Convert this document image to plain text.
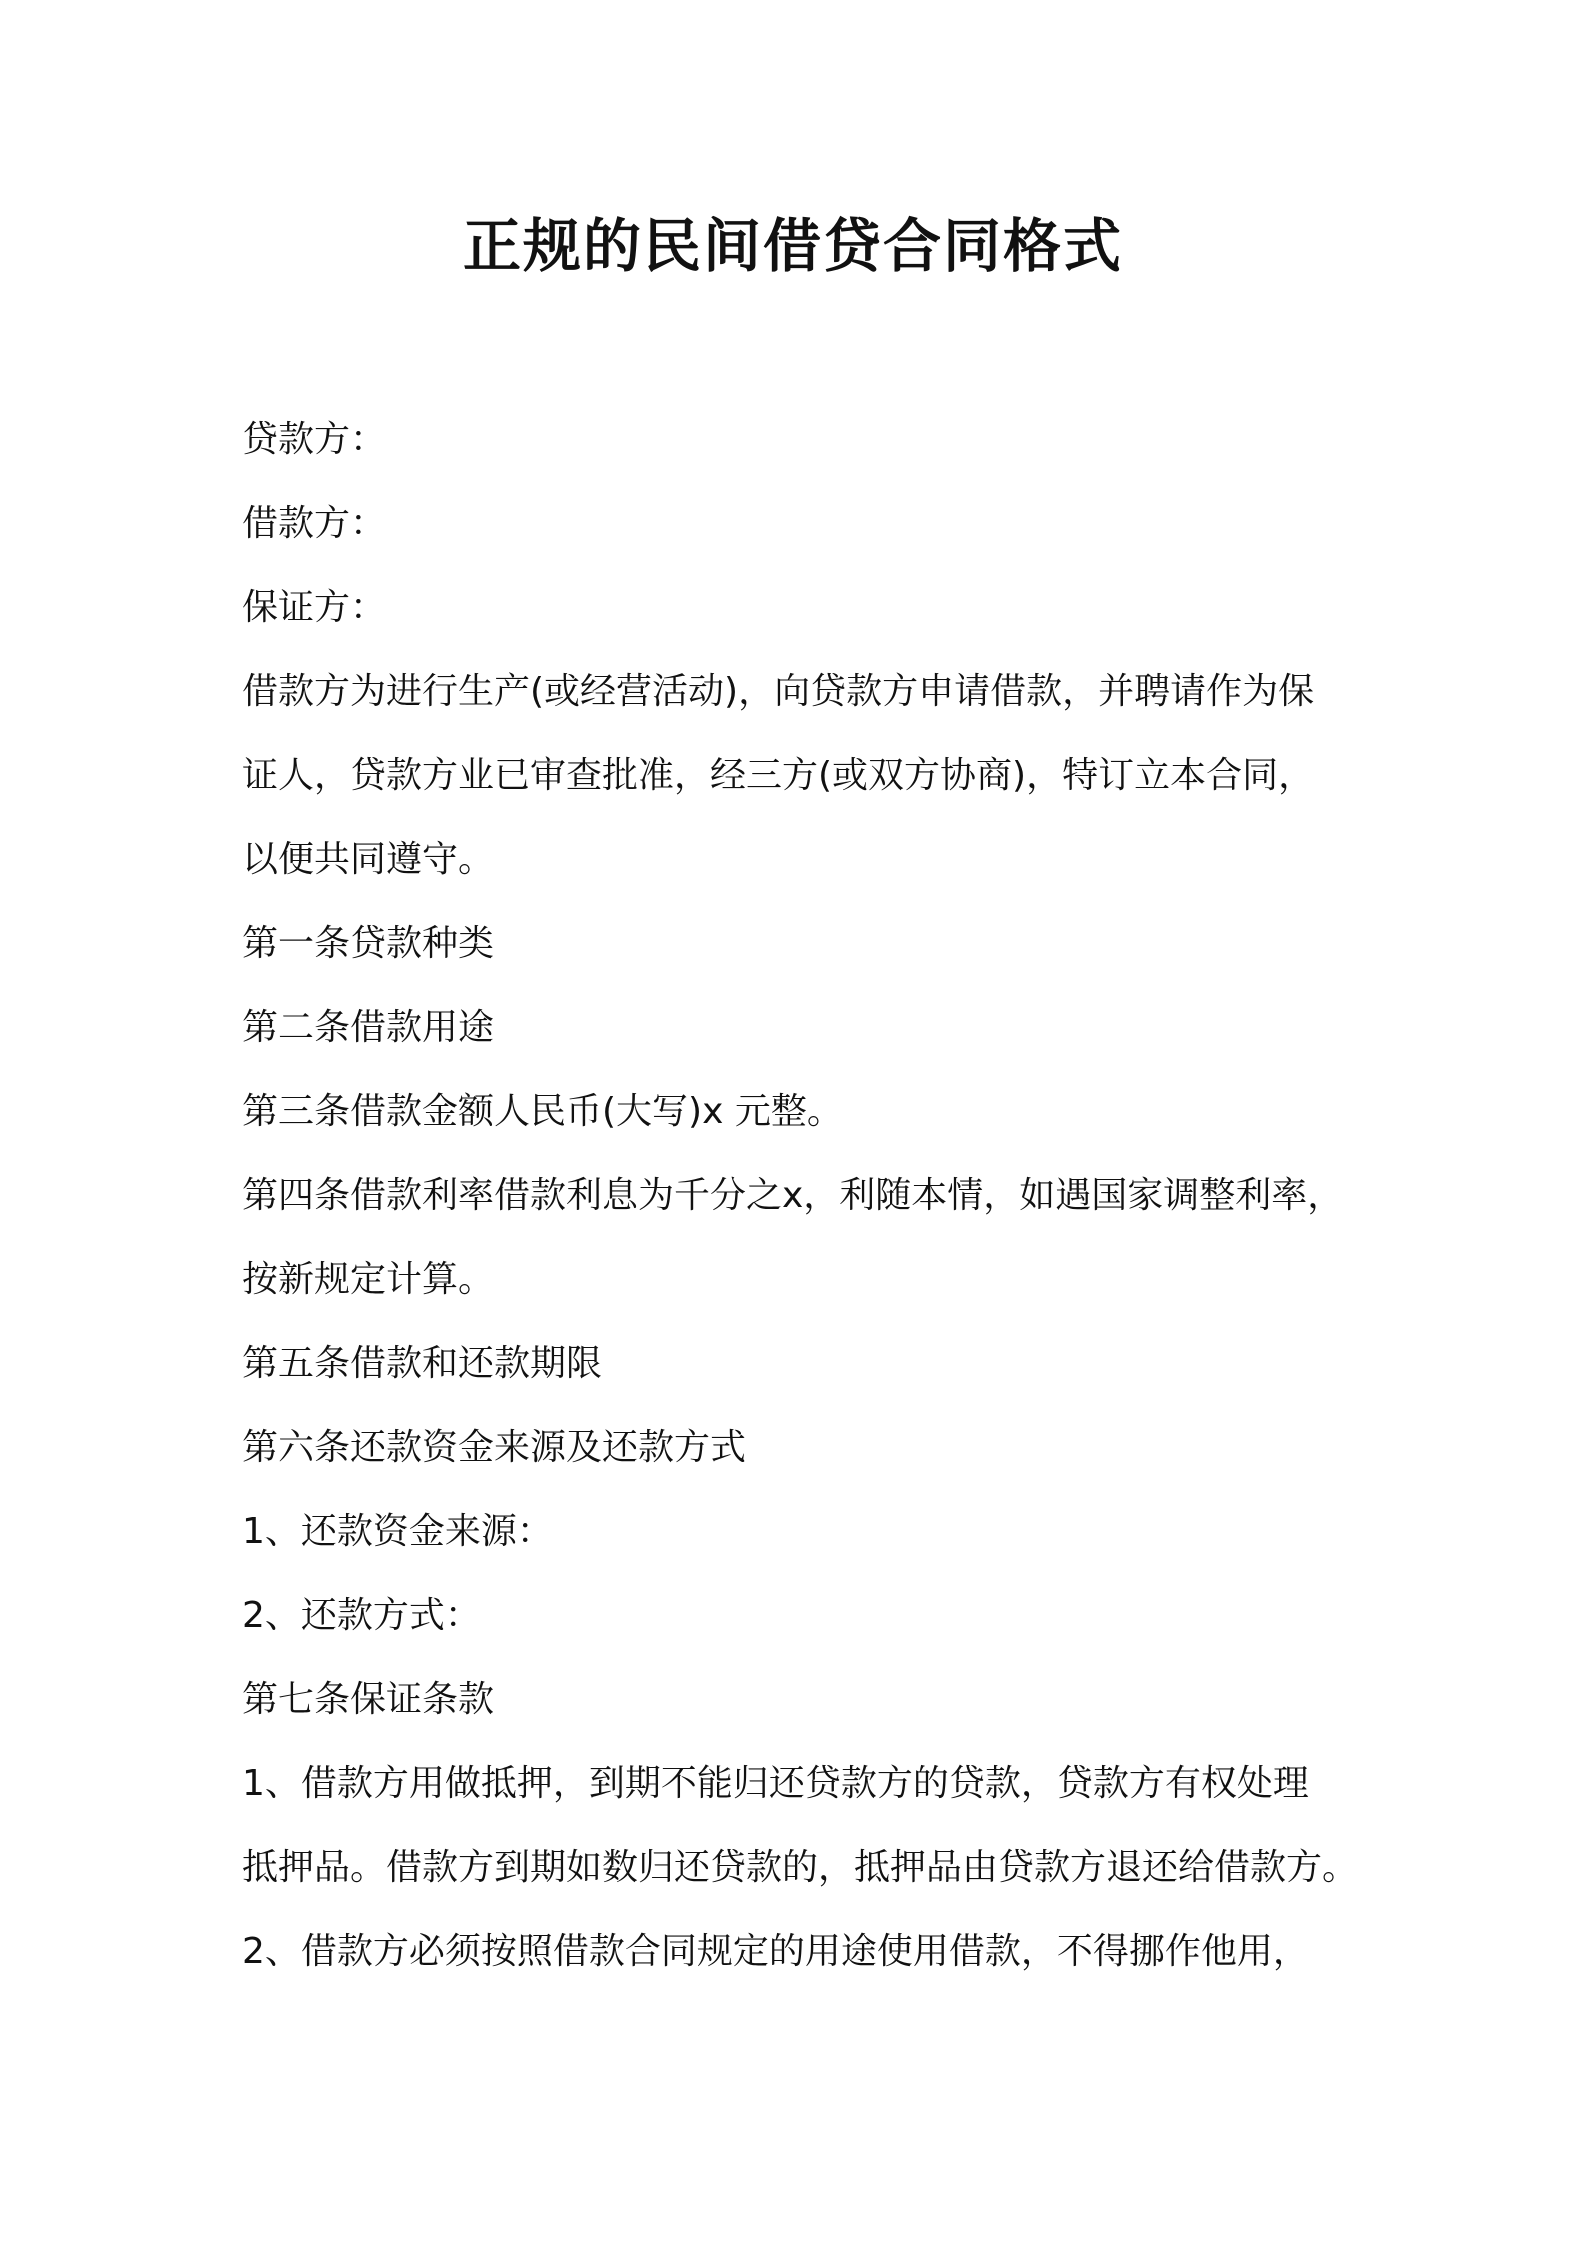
正规的民间借贷合同格式
贷款方：
借款方：
保证方：
借款方为进行生产(或经营活动)，向贷款方申请借款，并聘请作为保
证人，贷款方业已审查批准，经三方(或双方协商)，特订立本合同，
以便共同遵守。
第一条贷款种类
第二条借款用途
第三条借款金额人民币(大写)x 元整。
第四条借款利率借款利息为千分之x，利随本情，如遇国家调整利率，
按新规定计算。
第五条借款和还款期限
第六条还款资金来源及还款方式
1、还款资金来源：
2、还款方式：
第七条保证条款
1、借款方用做抵押，到期不能归还贷款方的贷款，贷款方有权处理
抵押品。借款方到期如数归还贷款的，抵押品由贷款方退还给借款方。
2、借款方必须按照借款合同规定的用途使用借款，不得挪作他用，
